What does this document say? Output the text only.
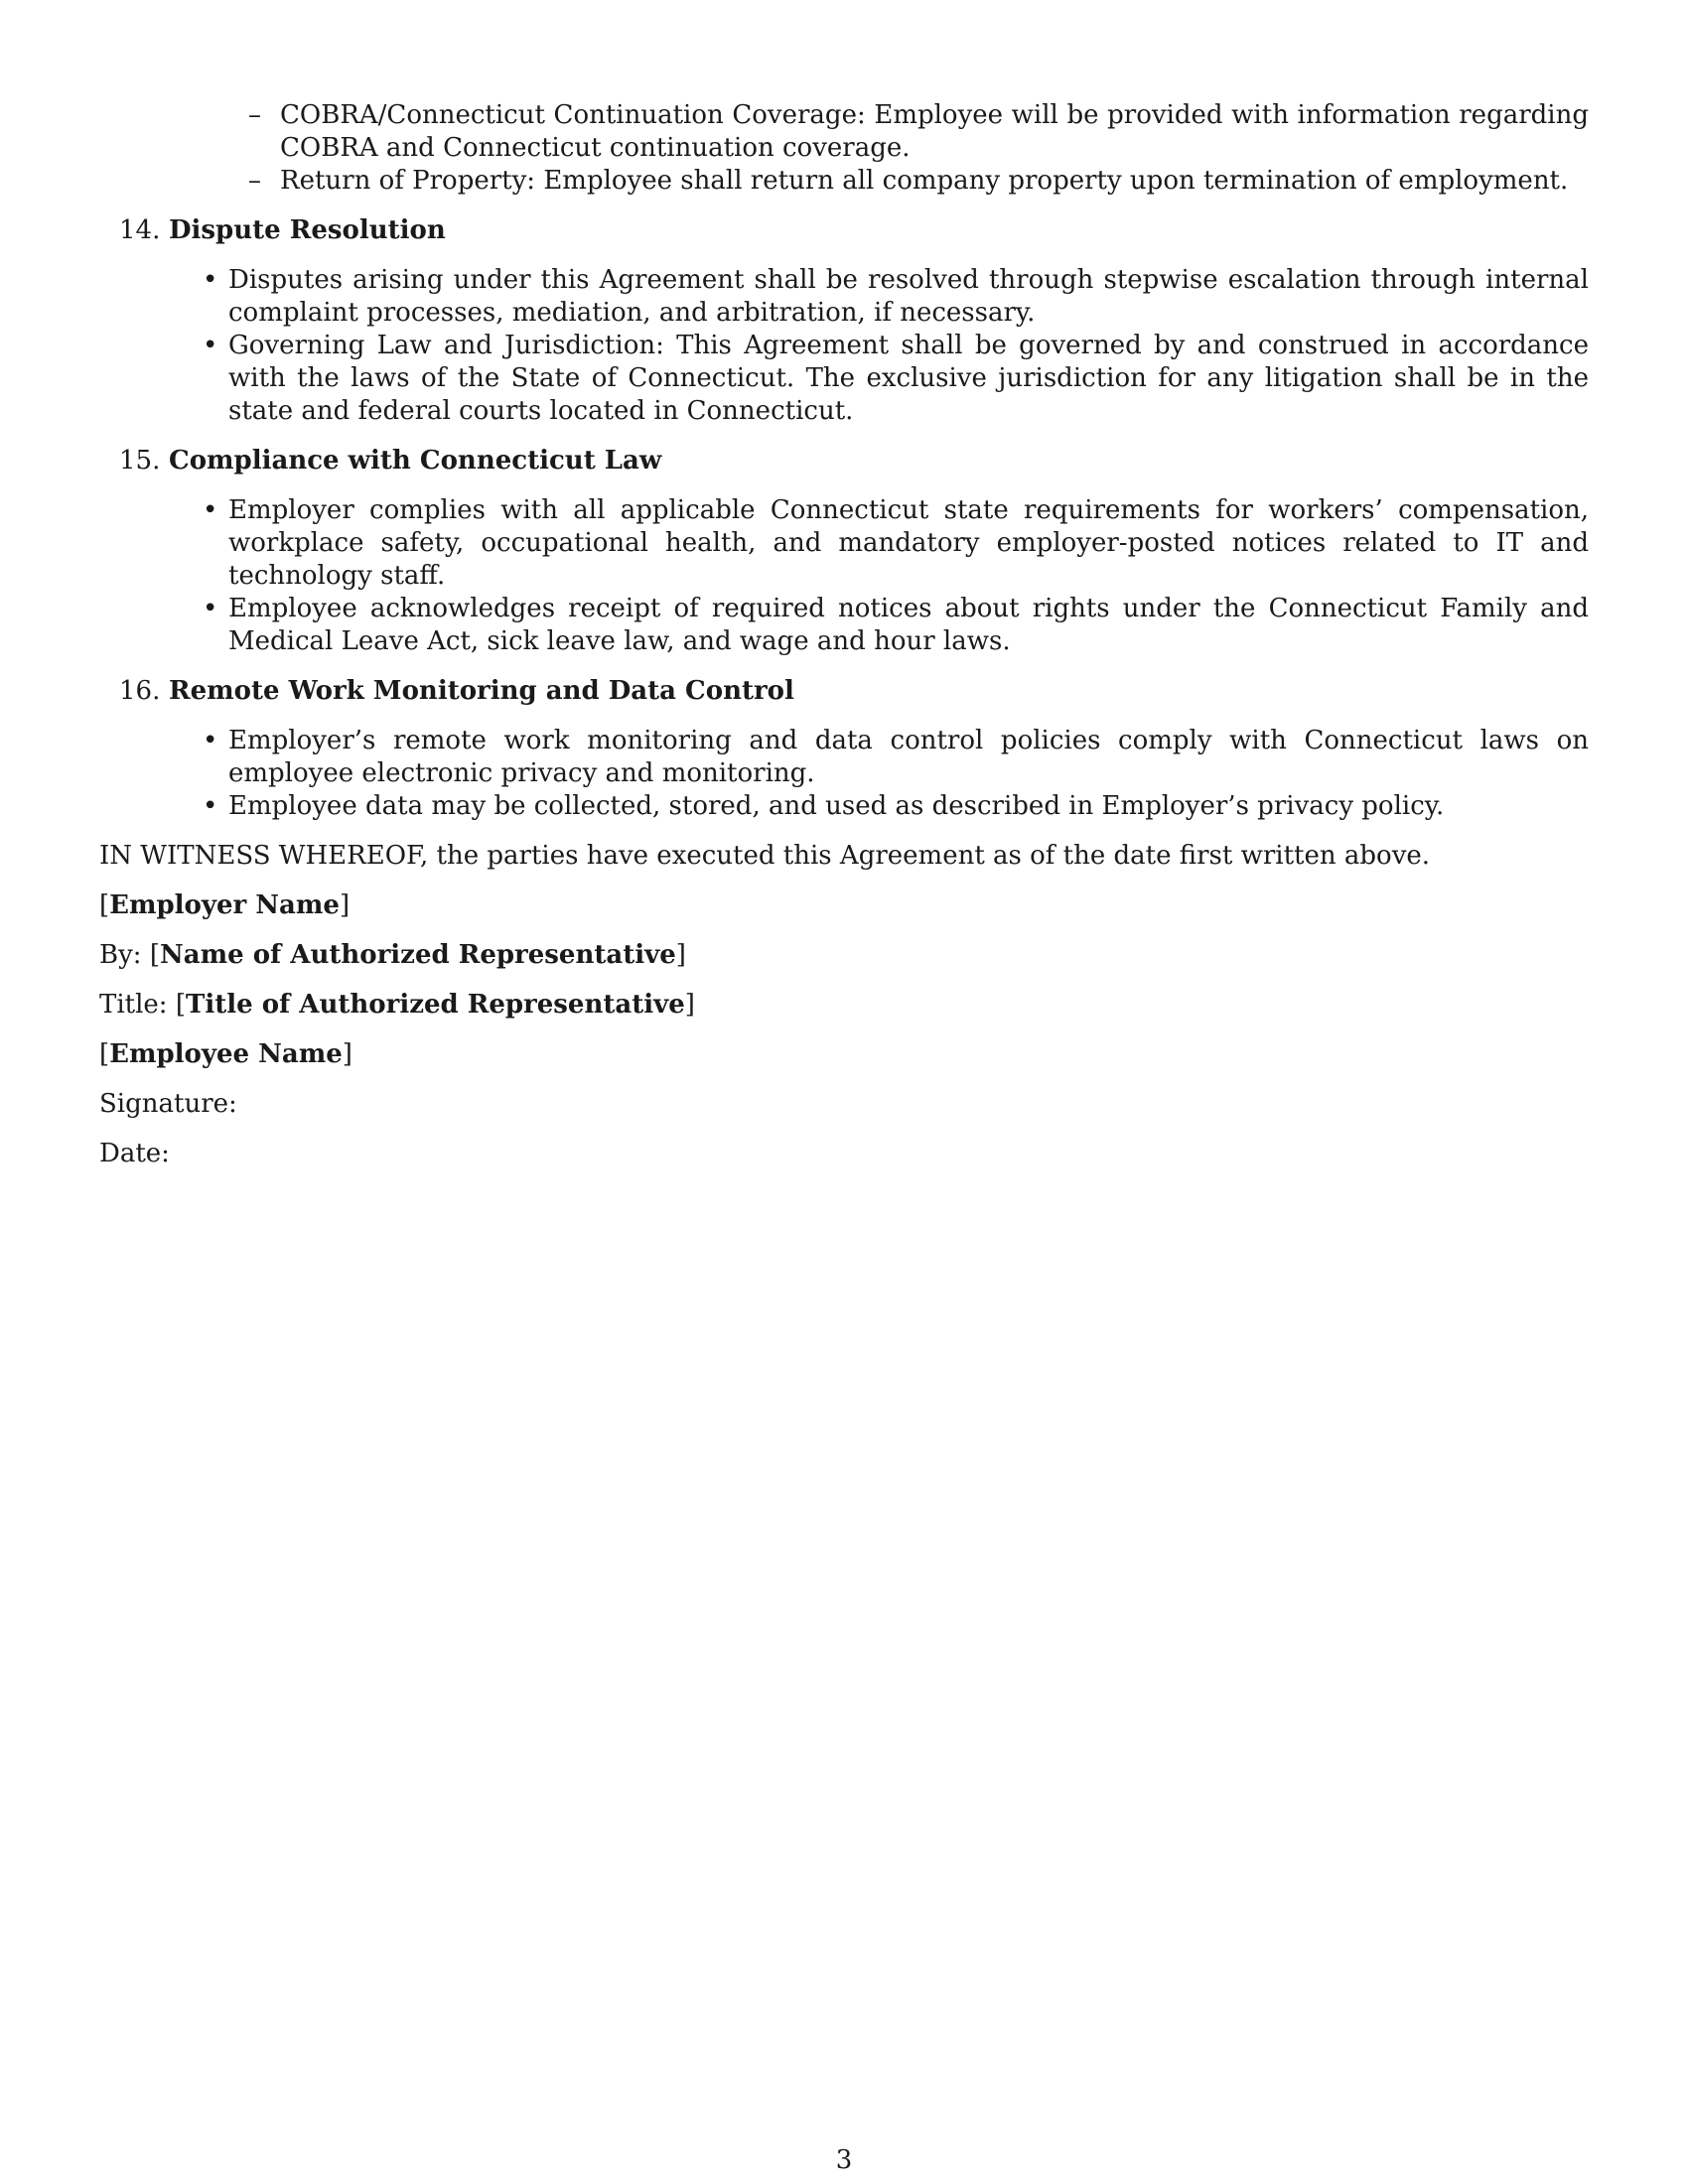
– COBRA/Connecticut Continuation Coverage: Employee will be provided with information regarding COBRA and Connecticut continuation coverage.
– Return of Property: Employee shall return all company property upon termination of employment.
14. Dispute Resolution
• Disputes arising under this Agreement shall be resolved through stepwise escalation through internal complaint processes, mediation, and arbitration, if necessary.
• Governing Law and Jurisdiction: This Agreement shall be governed by and construed in accordance with the laws of the State of Connecticut. The exclusive jurisdiction for any litigation shall be in the state and federal courts located in Connecticut.
15. Compliance with Connecticut Law
• Employer complies with all applicable Connecticut state requirements for workers’ compensation, workplace safety, occupational health, and mandatory employer-posted notices related to IT and technology staff.
• Employee acknowledges receipt of required notices about rights under the Connecticut Family and Medical Leave Act, sick leave law, and wage and hour laws.
16. Remote Work Monitoring and Data Control
• Employer’s remote work monitoring and data control policies comply with Connecticut laws on employee electronic privacy and monitoring.
• Employee data may be collected, stored, and used as described in Employer’s privacy policy.
IN WITNESS WHEREOF, the parties have executed this Agreement as of the date first written above.
[Employer Name]
By: [Name of Authorized Representative]
Title: [Title of Authorized Representative]
[Employee Name]
Signature:
Date:
3
